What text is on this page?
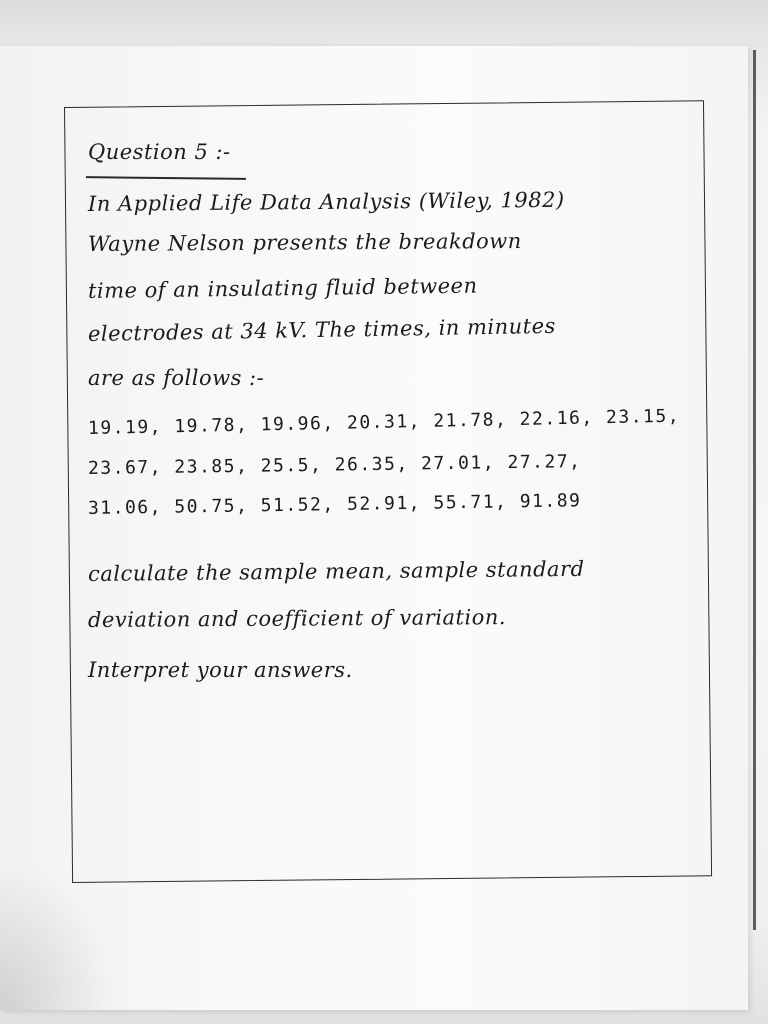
Question 5 :-
In Applied Life Data Analysis (Wiley, 1982)
Wayne Nelson presents the breakdown
time of an insulating fluid between
electrodes at 34 kV. The times, in minutes
are as follows :-
19.19, 19.78, 19.96, 20.31, 21.78, 22.16, 23.15,
23.67, 23.85, 25.5, 26.35, 27.01, 27.27,
31.06, 50.75, 51.52, 52.91, 55.71, 91.89
calculate the sample mean, sample standard
deviation and coefficient of variation.
Interpret your answers.
